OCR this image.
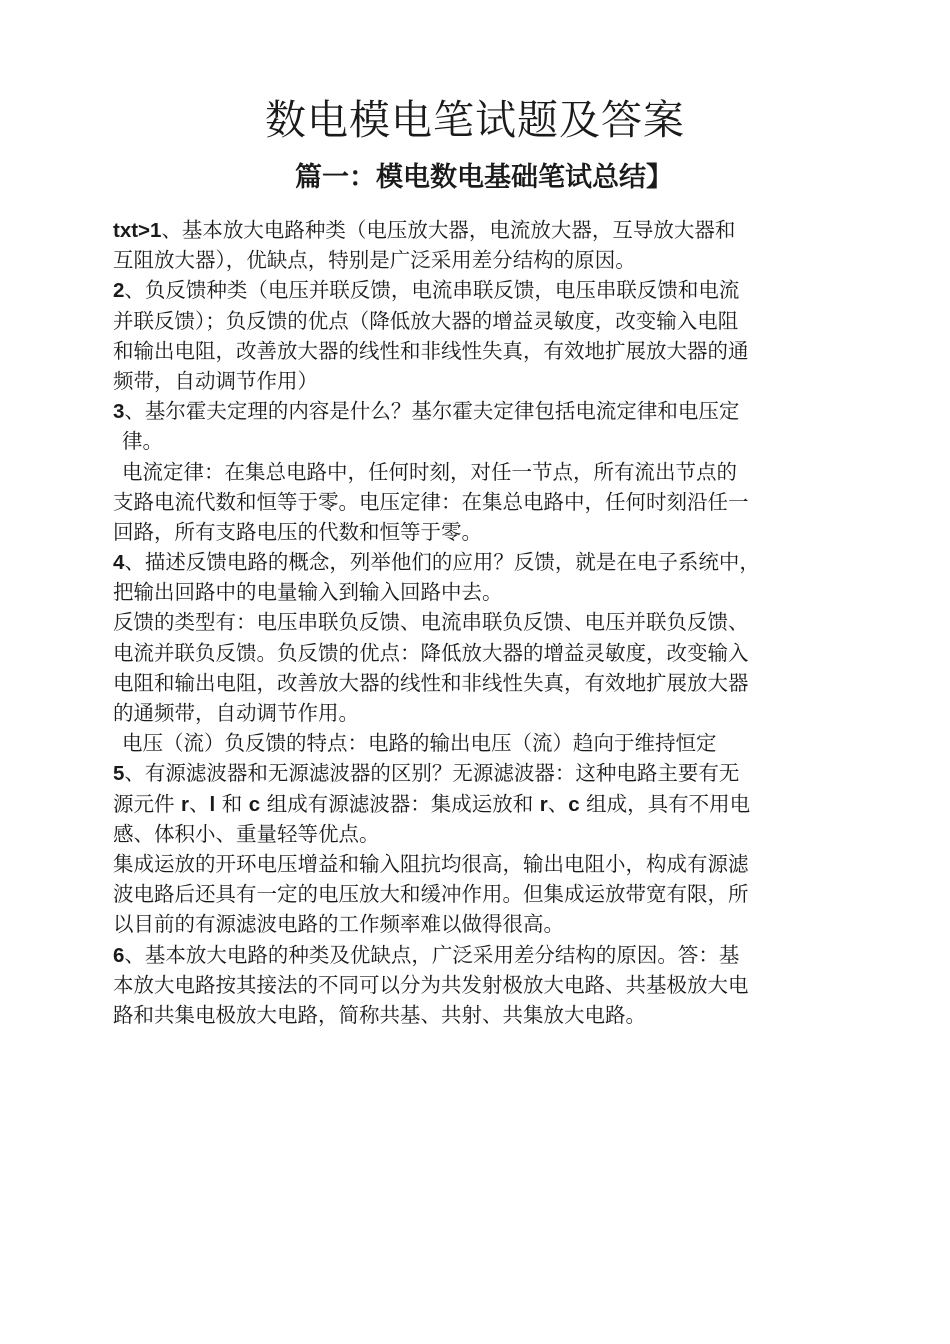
数电模电笔试题及答案
篇一：模电数电基础笔试总结】
txt>1、基本放大电路种类（电压放大器，电流放大器，互导放大器和
互阻放大器），优缺点，特别是广泛采用差分结构的原因。
2、负反馈种类（电压并联反馈，电流串联反馈，电压串联反馈和电流
并联反馈）；负反馈的优点（降低放大器的增益灵敏度，改变输入电阻
和输出电阻，改善放大器的线性和非线性失真，有效地扩展放大器的通
频带，自动调节作用）
3、基尔霍夫定理的内容是什么？基尔霍夫定律包括电流定律和电压定
律。
电流定律：在集总电路中，任何时刻，对任一节点，所有流出节点的
支路电流代数和恒等于零。电压定律：在集总电路中，任何时刻沿任一
回路，所有支路电压的代数和恒等于零。
4、描述反馈电路的概念，列举他们的应用？反馈，就是在电子系统中，
把输出回路中的电量输入到输入回路中去。
反馈的类型有：电压串联负反馈、电流串联负反馈、电压并联负反馈、
电流并联负反馈。负反馈的优点：降低放大器的增益灵敏度，改变输入
电阻和输出电阻，改善放大器的线性和非线性失真，有效地扩展放大器
的通频带，自动调节作用。
电压（流）负反馈的特点：电路的输出电压（流）趋向于维持恒定
5、有源滤波器和无源滤波器的区别？无源滤波器：这种电路主要有无
源元件 r、l 和 c 组成有源滤波器：集成运放和 r、c 组成，具有不用电
感、体积小、重量轻等优点。
集成运放的开环电压增益和输入阻抗均很高，输出电阻小，构成有源滤
波电路后还具有一定的电压放大和缓冲作用。但集成运放带宽有限，所
以目前的有源滤波电路的工作频率难以做得很高。
6、基本放大电路的种类及优缺点，广泛采用差分结构的原因。答：基
本放大电路按其接法的不同可以分为共发射极放大电路、共基极放大电
路和共集电极放大电路，简称共基、共射、共集放大电路。
